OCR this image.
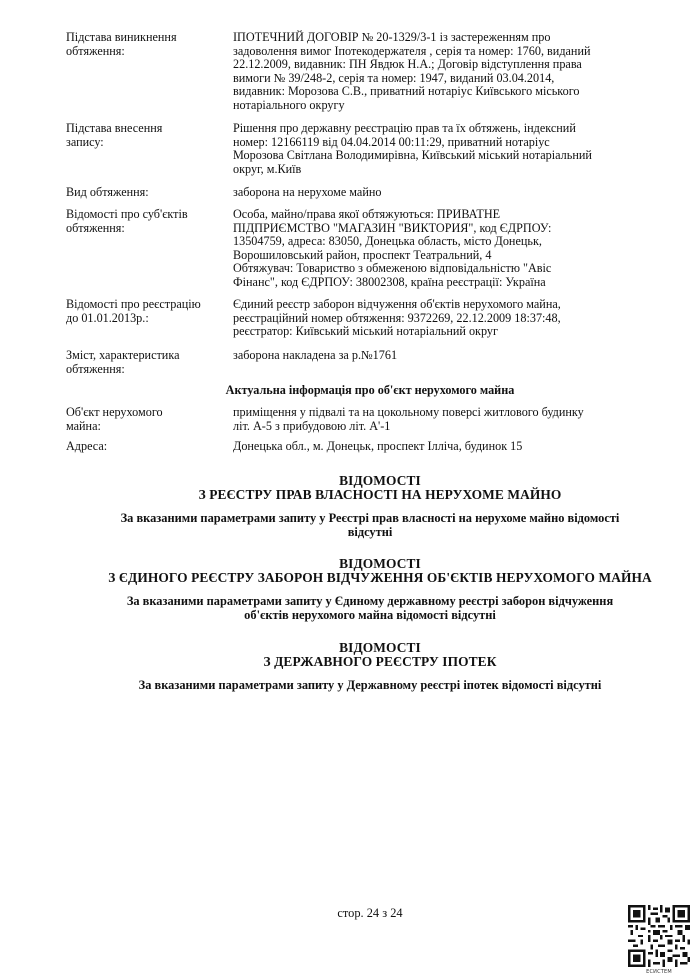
Підстава виникнення
обтяження:
ІПОТЕЧНИЙ ДОГОВІР № 20-1329/3-1 із застереженням про
задоволення вимог Іпотекодержателя , серія та номер: 1760, виданий
22.12.2009, видавник: ПН Явдюк Н.А.; Договір відступлення права
вимоги № 39/248-2, серія та номер: 1947, виданий 03.04.2014,
видавник: Морозова С.В., приватний нотаріус Київського міського
нотаріального округу
Підстава внесення
запису:
Рішення про державну реєстрацію прав та їх обтяжень, індексний
номер: 12166119 від 04.04.2014 00:11:29, приватний нотаріус
Морозова Світлана Володимирівна, Київський міський нотаріальний
округ, м.Київ
Вид обтяження:	заборона на нерухоме майно
Відомості про суб'єктів
обтяження:
Особа, майно/права якої обтяжуються: ПРИВАТНЕ
ПІДПРИЄМСТВО "МАГАЗИН "ВИКТОРИЯ", код ЄДРПОУ:
13504759, адреса: 83050, Донецька область, місто Донецьк,
Ворошиловський район, проспект Театральний, 4
Обтяжувач: Товариство з обмеженою відповідальністю "Авіс
Фінанс", код ЄДРПОУ: 38002308, країна реєстрації: Україна
Відомості про реєстрацію
до 01.01.2013р.:
Єдиний реєстр заборон відчуження об'єктів нерухомого майна,
реєстраційний номер обтяження: 9372269, 22.12.2009 18:37:48,
реєстратор: Київський міський нотаріальний округ
Зміст, характеристика
обтяження:
заборона накладена за р.№1761
Актуальна інформація про об'єкт нерухомого майна
Об'єкт нерухомого
майна:
приміщення у підвалі та на цокольному поверсі житлового будинку
літ. А-5 з прибудовою літ. А'-1
Адреса:	Донецька обл., м. Донецьк, проспект Ілліча, будинок 15
ВІДОМОСТІ
З РЕЄСТРУ ПРАВ ВЛАСНОСТІ НА НЕРУХОМЕ МАЙНО
За вказаними параметрами запиту у Реєстрі прав власності на нерухоме майно відомості
відсутні
ВІДОМОСТІ
З ЄДИНОГО РЕЄСТРУ ЗАБОРОН ВІДЧУЖЕННЯ ОБ'ЄКТІВ НЕРУХОМОГО МАЙНА
За вказаними параметрами запиту у Єдиному державному реєстрі заборон відчуження
об'єктів нерухомого майна відомості відсутні
ВІДОМОСТІ
З ДЕРЖАВНОГО РЕЄСТРУ ІПОТЕК
За вказаними параметрами запиту у Державному реєстрі іпотек відомості відсутні
стор. 24 з 24
ЕСИСТЕМ
